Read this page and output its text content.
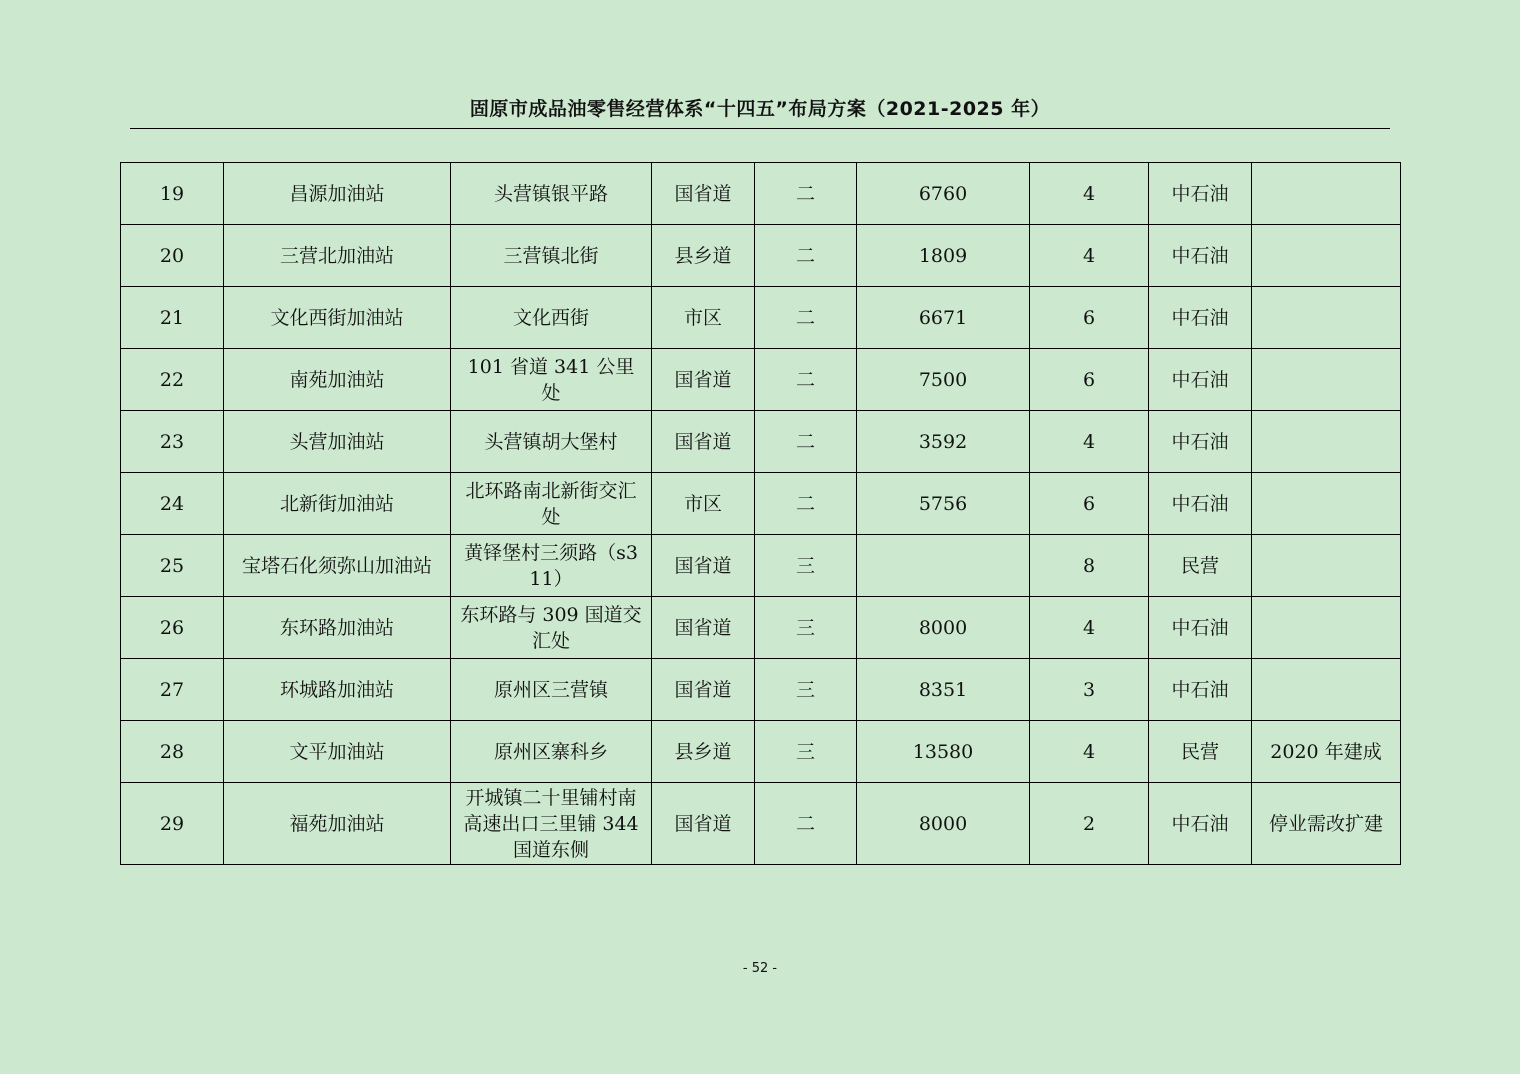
固原市成品油零售经营体系“十四五”布局方案（2021-2025 年）
19	昌源加油站	头营镇银平路	国省道	二	6760	4	中石油	
20	三营北加油站	三营镇北街	县乡道	二	1809	4	中石油	
21	文化西街加油站	文化西街	市区	二	6671	6	中石油	
22	南苑加油站	101 省道 341 公里处	国省道	二	7500	6	中石油	
23	头营加油站	头营镇胡大堡村	国省道	二	3592	4	中石油	
24	北新街加油站	北环路南北新街交汇处	市区	二	5756	6	中石油	
25	宝塔石化须弥山加油站	黄铎堡村三须路（s311）	国省道	三		8	民营	
26	东环路加油站	东环路与 309 国道交汇处	国省道	三	8000	4	中石油	
27	环城路加油站	原州区三营镇	国省道	三	8351	3	中石油	
28	文平加油站	原州区寨科乡	县乡道	三	13580	4	民营	2020 年建成
29	福苑加油站	开城镇二十里铺村南高速出口三里铺 344 国道东侧	国省道	二	8000	2	中石油	停业需改扩建
- 52 -
